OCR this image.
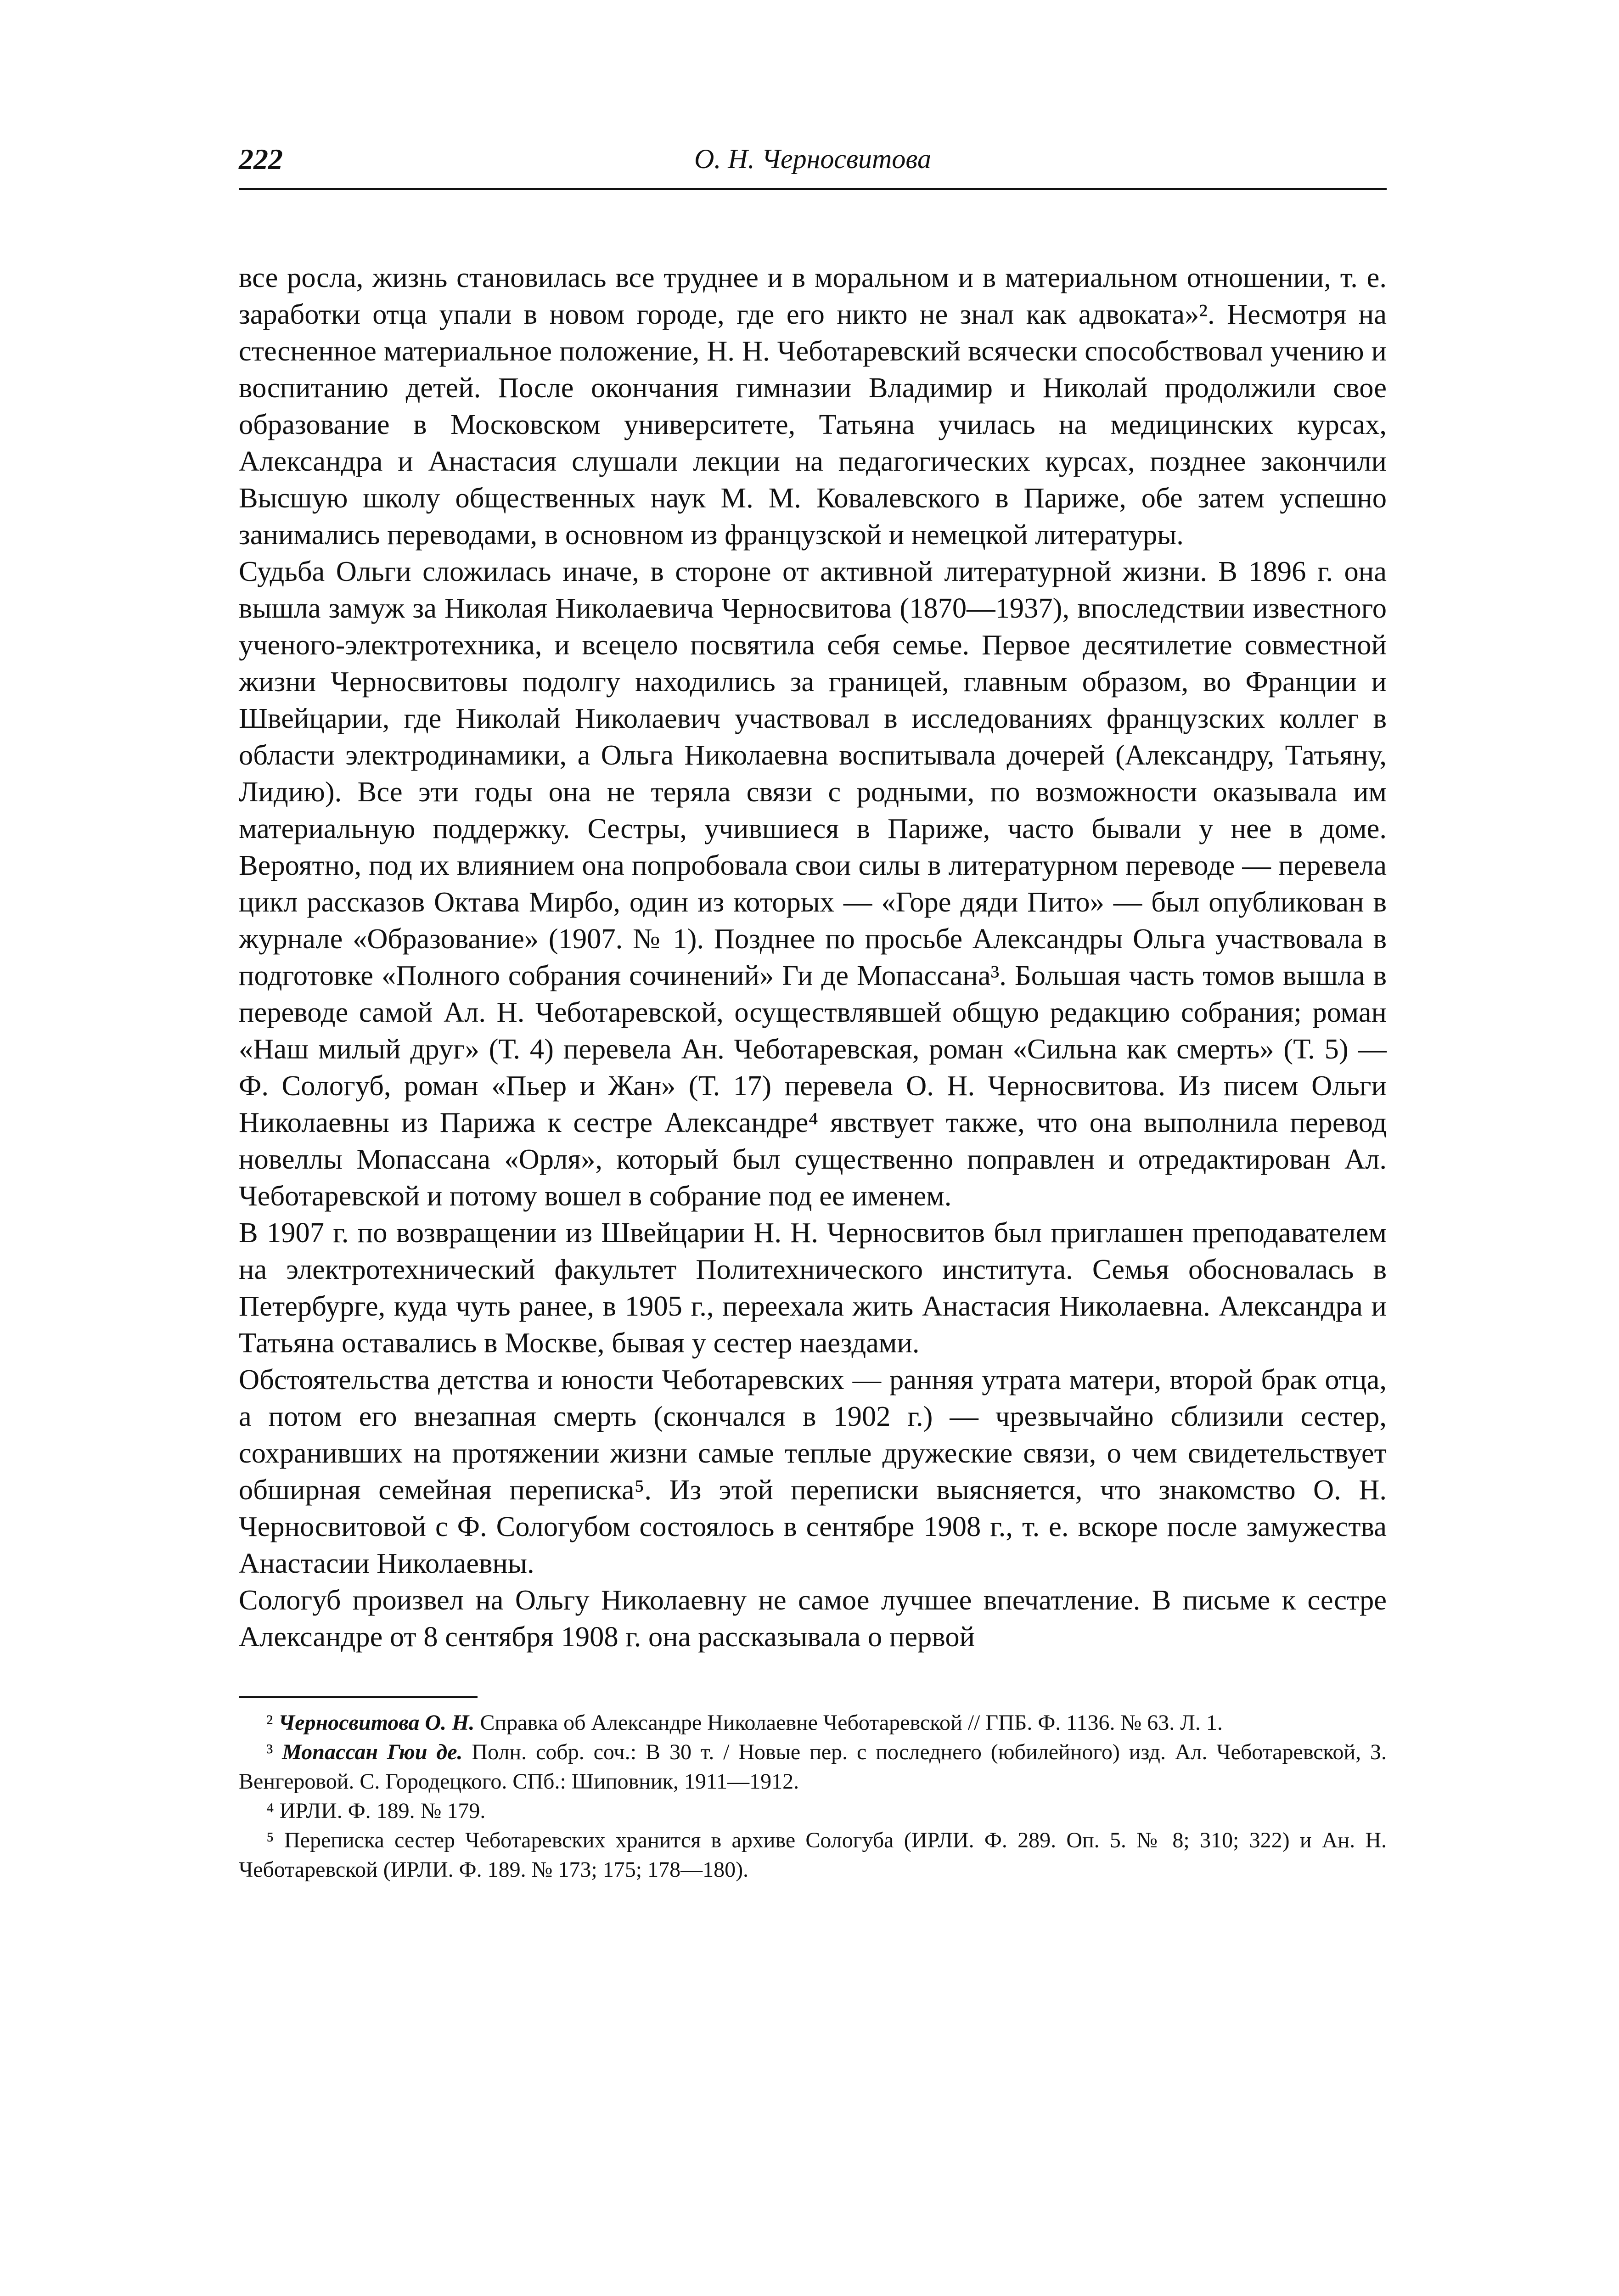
222	О. Н. Черносвитова

все росла, жизнь становилась все труднее и в моральном и в материальном отношении, т. е. заработки отца упали в новом городе, где его никто не знал как адвоката»². Несмотря на стесненное материальное положение, Н. Н. Чеботаревский всячески способствовал учению и воспитанию детей. После окончания гимназии Владимир и Николай продолжили свое образование в Московском университете, Татьяна училась на медицинских курсах, Александра и Анастасия слушали лекции на педагогических курсах, позднее закончили Высшую школу общественных наук М. М. Ковалевского в Париже, обе затем успешно занимались переводами, в основном из французской и немецкой литературы.

Судьба Ольги сложилась иначе, в стороне от активной литературной жизни. В 1896 г. она вышла замуж за Николая Николаевича Черносвитова (1870—1937), впоследствии известного ученого-электротехника, и всецело посвятила себя семье. Первое десятилетие совместной жизни Черносвитовы подолгу находились за границей, главным образом, во Франции и Швейцарии, где Николай Николаевич участвовал в исследованиях французских коллег в области электродинамики, а Ольга Николаевна воспитывала дочерей (Александру, Татьяну, Лидию). Все эти годы она не теряла связи с родными, по возможности оказывала им материальную поддержку. Сестры, учившиеся в Париже, часто бывали у нее в доме. Вероятно, под их влиянием она попробовала свои силы в литературном переводе — перевела цикл рассказов Октава Мирбо, один из которых — «Горе дяди Пито» — был опубликован в журнале «Образование» (1907. № 1). Позднее по просьбе Александры Ольга участвовала в подготовке «Полного собрания сочинений» Ги де Мопассана³. Большая часть томов вышла в переводе самой Ал. Н. Чеботаревской, осуществлявшей общую редакцию собрания; роман «Наш милый друг» (Т. 4) перевела Ан. Чеботаревская, роман «Сильна как смерть» (Т. 5) — Ф. Сологуб, роман «Пьер и Жан» (Т. 17) перевела О. Н. Черносвитова. Из писем Ольги Николаевны из Парижа к сестре Александре⁴ явствует также, что она выполнила перевод новеллы Мопассана «Орля», который был существенно поправлен и отредактирован Ал. Чеботаревской и потому вошел в собрание под ее именем.

В 1907 г. по возвращении из Швейцарии Н. Н. Черносвитов был приглашен преподавателем на электротехнический факультет Политехнического института. Семья обосновалась в Петербурге, куда чуть ранее, в 1905 г., переехала жить Анастасия Николаевна. Александра и Татьяна оставались в Москве, бывая у сестер наездами.

Обстоятельства детства и юности Чеботаревских — ранняя утрата матери, второй брак отца, а потом его внезапная смерть (скончался в 1902 г.) — чрезвычайно сблизили сестер, сохранивших на протяжении жизни самые теплые дружеские связи, о чем свидетельствует обширная семейная переписка⁵. Из этой переписки выясняется, что знакомство О. Н. Черносвитовой с Ф. Сологубом состоялось в сентябре 1908 г., т. е. вскоре после замужества Анастасии Николаевны.

Сологуб произвел на Ольгу Николаевну не самое лучшее впечатление. В письме к сестре Александре от 8 сентября 1908 г. она рассказывала о первой

² Черносвитова О. Н. Справка об Александре Николаевне Чеботаревской // ГПБ. Ф. 1136. № 63. Л. 1.

³ Мопассан Гюи де. Полн. собр. соч.: В 30 т. / Новые пер. с последнего (юбилейного) изд. Ал. Чеботаревской, З. Венгеровой. С. Городецкого. СПб.: Шиповник, 1911—1912.

⁴ ИРЛИ. Ф. 189. № 179.

⁵ Переписка сестер Чеботаревских хранится в архиве Сологуба (ИРЛИ. Ф. 289. Оп. 5. № 8; 310; 322) и Ан. Н. Чеботаревской (ИРЛИ. Ф. 189. № 173; 175; 178—180).
